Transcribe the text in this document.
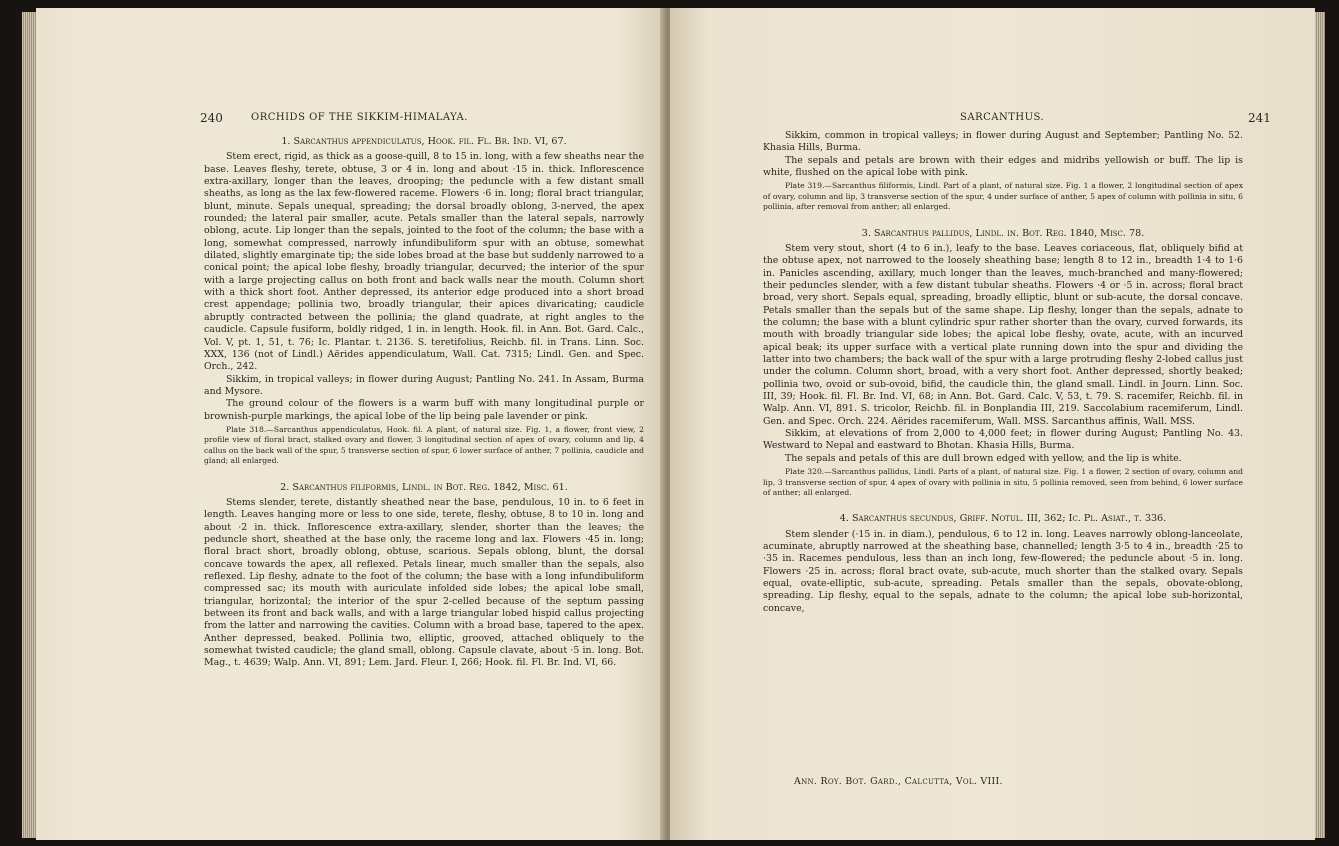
240	ORCHIDS OF THE SIKKIM-HIMALAYA.

1. Sarcanthus appendiculatus, Hook. fil. Fl. Br. Ind. VI, 67.

Stem erect, rigid, as thick as a goose-quill, 8 to 15 in. long, with a few sheaths near the base. Leaves fleshy, terete, obtuse, 3 or 4 in. long and about ·15 in. thick. Inflorescence extra-axillary, longer than the leaves, drooping; the peduncle with a few distant small sheaths, as long as the lax few-flowered raceme. Flowers ·6 in. long; floral bract triangular, blunt, minute. Sepals unequal, spreading; the dorsal broadly oblong, 3-nerved, the apex rounded; the lateral pair smaller, acute. Petals smaller than the lateral sepals, narrowly oblong, acute. Lip longer than the sepals, jointed to the foot of the column; the base with a long, somewhat compressed, narrowly infundibuliform spur with an obtuse, somewhat dilated, slightly emarginate tip; the side lobes broad at the base but suddenly narrowed to a conical point; the apical lobe fleshy, broadly triangular, decurved; the interior of the spur with a large projecting callus on both front and back walls near the mouth. Column short with a thick short foot. Anther depressed, its anterior edge produced into a short broad crest appendage; pollinia two, broadly triangular, their apices divaricating; caudicle abruptly contracted between the pollinia; the gland quadrate, at right angles to the caudicle. Capsule fusiform, boldly ridged, 1 in. in length. Hook. fil. in Ann. Bot. Gard. Calc., Vol. V, pt. 1, 51, t. 76; Ic. Plantar. t. 2136. S. teretifolius, Reichb. fil. in Trans. Linn. Soc. XXX, 136 (not of Lindl.) Aërides appendiculatum, Wall. Cat. 7315; Lindl. Gen. and Spec. Orch., 242.

Sikkim, in tropical valleys; in flower during August; Pantling No. 241. In Assam, Burma and Mysore.

The ground colour of the flowers is a warm buff with many longitudinal purple or brownish-purple markings, the apical lobe of the lip being pale lavender or pink.

Plate 318.—Sarcanthus appendiculatus, Hook. fil. A plant, of natural size. Fig. 1, a flower, front view, 2 profile view of floral bract, stalked ovary and flower, 3 longitudinal section of apex of ovary, column and lip, 4 callus on the back wall of the spur, 5 transverse section of spur, 6 lower surface of anther, 7 pollinia, caudicle and gland; all enlarged.

2. Sarcanthus filiformis, Lindl. in Bot. Reg. 1842, Misc. 61.

Stems slender, terete, distantly sheathed near the base, pendulous, 10 in. to 6 feet in length. Leaves hanging more or less to one side, terete, fleshy, obtuse, 8 to 10 in. long and about ·2 in. thick. Inflorescence extra-axillary, slender, shorter than the leaves; the peduncle short, sheathed at the base only, the raceme long and lax. Flowers ·45 in. long; floral bract short, broadly oblong, obtuse, scarious. Sepals oblong, blunt, the dorsal concave towards the apex, all reflexed. Petals linear, much smaller than the sepals, also reflexed. Lip fleshy, adnate to the foot of the column; the base with a long infundibuliform compressed sac; its mouth with auriculate infolded side lobes; the apical lobe small, triangular, horizontal; the interior of the spur 2-celled because of the septum passing between its front and back walls, and with a large triangular lobed hispid callus projecting from the latter and narrowing the cavities. Column with a broad base, tapered to the apex. Anther depressed, beaked. Pollinia two, elliptic, grooved, attached obliquely to the somewhat twisted caudicle; the gland small, oblong. Capsule clavate, about ·5 in. long. Bot. Mag., t. 4639; Walp. Ann. VI, 891; Lem. Jard. Fleur. I, 266; Hook. fil. Fl. Br. Ind. VI, 66.

SARCANTHUS.	241

Sikkim, common in tropical valleys; in flower during August and September; Pantling No. 52. Khasia Hills, Burma.

The sepals and petals are brown with their edges and midribs yellowish or buff. The lip is white, flushed on the apical lobe with pink.

Plate 319.—Sarcanthus filiformis, Lindl. Part of a plant, of natural size. Fig. 1 a flower, 2 longitudinal section of apex of ovary, column and lip, 3 transverse section of the spur, 4 under surface of anther, 5 apex of column with pollinia in situ, 6 pollinia, after removal from anther; all enlarged.

3. Sarcanthus pallidus, Lindl. in. Bot. Reg. 1840, Misc. 78.

Stem very stout, short (4 to 6 in.), leafy to the base. Leaves coriaceous, flat, obliquely bifid at the obtuse apex, not narrowed to the loosely sheathing base; length 8 to 12 in., breadth 1·4 to 1·6 in. Panicles ascending, axillary, much longer than the leaves, much-branched and many-flowered; their peduncles slender, with a few distant tubular sheaths. Flowers ·4 or ·5 in. across; floral bract broad, very short. Sepals equal, spreading, broadly elliptic, blunt or sub-acute, the dorsal concave. Petals smaller than the sepals but of the same shape. Lip fleshy, longer than the sepals, adnate to the column; the base with a blunt cylindric spur rather shorter than the ovary, curved forwards, its mouth with broadly triangular side lobes; the apical lobe fleshy, ovate, acute, with an incurved apical beak; its upper surface with a vertical plate running down into the spur and dividing the latter into two chambers; the back wall of the spur with a large protruding fleshy 2-lobed callus just under the column. Column short, broad, with a very short foot. Anther depressed, shortly beaked; pollinia two, ovoid or sub-ovoid, bifid, the caudicle thin, the gland small. Lindl. in Journ. Linn. Soc. III, 39; Hook. fil. Fl. Br. Ind. VI, 68; in Ann. Bot. Gard. Calc. V, 53, t. 79. S. racemifer, Reichb. fil. in Walp. Ann. VI, 891. S. tricolor, Reichb. fil. in Bonplandia III, 219. Saccolabium racemiferum, Lindl. Gen. and Spec. Orch. 224. Aërides racemiferum, Wall. MSS. Sarcanthus affinis, Wall. MSS.

Sikkim, at elevations of from 2,000 to 4,000 feet; in flower during August; Pantling No. 43. Westward to Nepal and eastward to Bhotan. Khasia Hills, Burma.

The sepals and petals of this are dull brown edged with yellow, and the lip is white.

Plate 320.—Sarcanthus pallidus, Lindl. Parts of a plant, of natural size. Fig. 1 a flower, 2 section of ovary, column and lip, 3 transverse section of spur, 4 apex of ovary with pollinia in situ, 5 pollinia removed, seen from behind, 6 lower surface of anther; all enlarged.

4. Sarcanthus secundus, Griff. Notul. III, 362; Ic. Pl. Asiat., t. 336.

Stem slender (·15 in. in diam.), pendulous, 6 to 12 in. long. Leaves narrowly oblong-lanceolate, acuminate, abruptly narrowed at the sheathing base, channelled; length 3·5 to 4 in., breadth ·25 to ·35 in. Racemes pendulous, less than an inch long, few-flowered; the peduncle about ·5 in. long. Flowers ·25 in. across; floral bract ovate, sub-acute, much shorter than the stalked ovary. Sepals equal, ovate-elliptic, sub-acute, spreading. Petals smaller than the sepals, obovate-oblong, spreading. Lip fleshy, equal to the sepals, adnate to the column; the apical lobe sub-horizontal, concave,

Ann. Roy. Bot. Gard., Calcutta, Vol. VIII.
